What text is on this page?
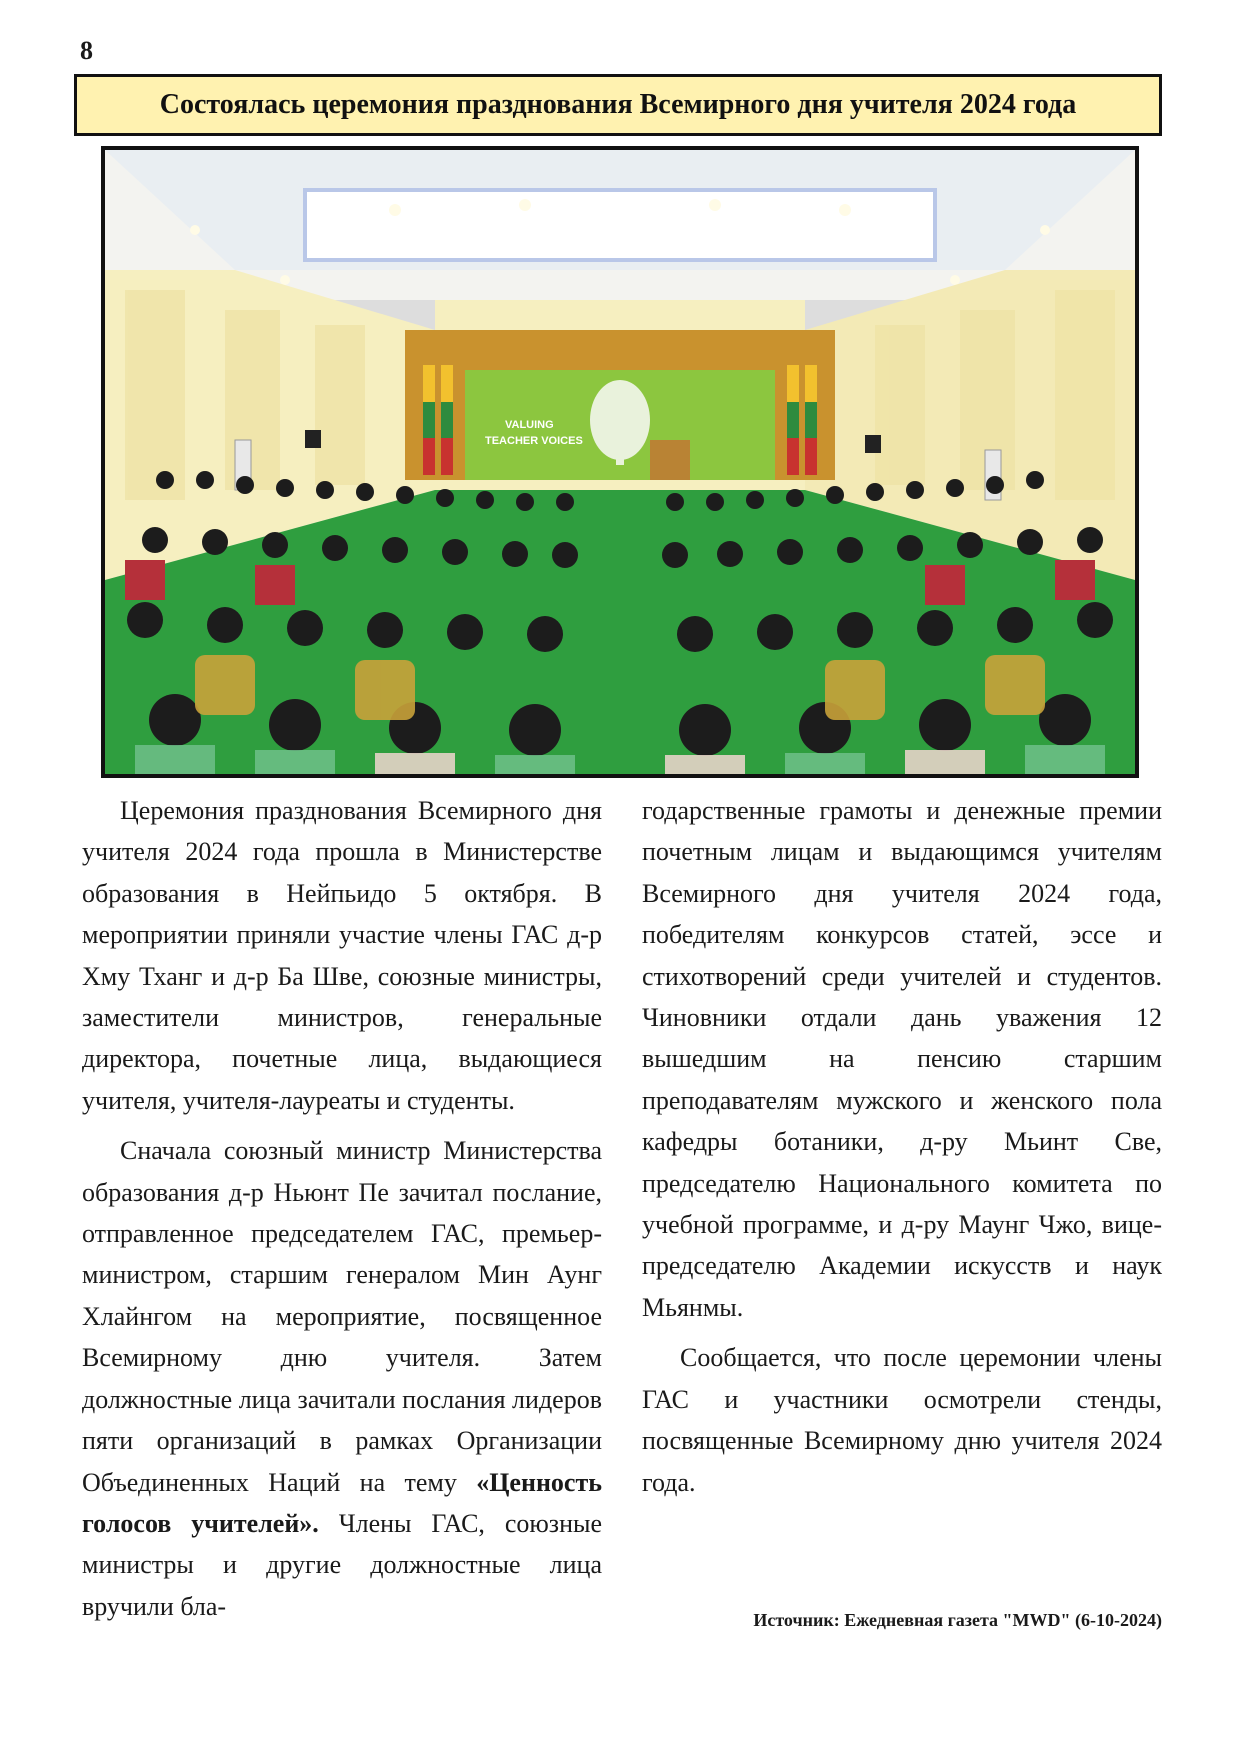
8
Состоялась церемония празднования Всемирного дня учителя 2024 года
VALUING
TEACHER VOICES

Церемония празднования Всемирного дня учителя 2024 года прошла в Министерстве образования в Нейпьидо 5 октября. В мероприятии приняли участие члены ГАС д-р Хму Тханг и д-р Ба Шве, союзные министры, заместители министров, генеральные директора, почетные лица, выдающиеся учителя, учителя-лауреаты и студенты.

Сначала союзный министр Министерства образования д-р Ньюнт Пе зачитал послание, отправленное председателем ГАС, премьер-министром, старшим генералом Мин Аунг Хлайнгом на мероприятие, посвященное Всемирному дню учителя. Затем должностные лица зачитали послания лидеров пяти организаций в рамках Организации Объединенных Наций на тему «Ценность голосов учителей». Члены ГАС, союзные министры и другие должностные лица вручили бла-

годарственные грамоты и денежные премии почетным лицам и выдающимся учителям Всемирного дня учителя 2024 года, победителям конкурсов статей, эссе и стихотворений среди учителей и студентов. Чиновники отдали дань уважения 12 вышедшим на пенсию старшим преподавателям мужского и женского пола кафедры ботаники, д-ру Мьинт Све, председателю Национального комитета по учебной программе, и д-ру Маунг Чжо, вице-председателю Академии искусств и наук Мьянмы.

Сообщается, что после церемонии члены ГАС и участники осмотрели стенды, посвященные Всемирному дню учителя 2024 года.

Источник: Ежедневная газета "MWD" (6-10-2024)
